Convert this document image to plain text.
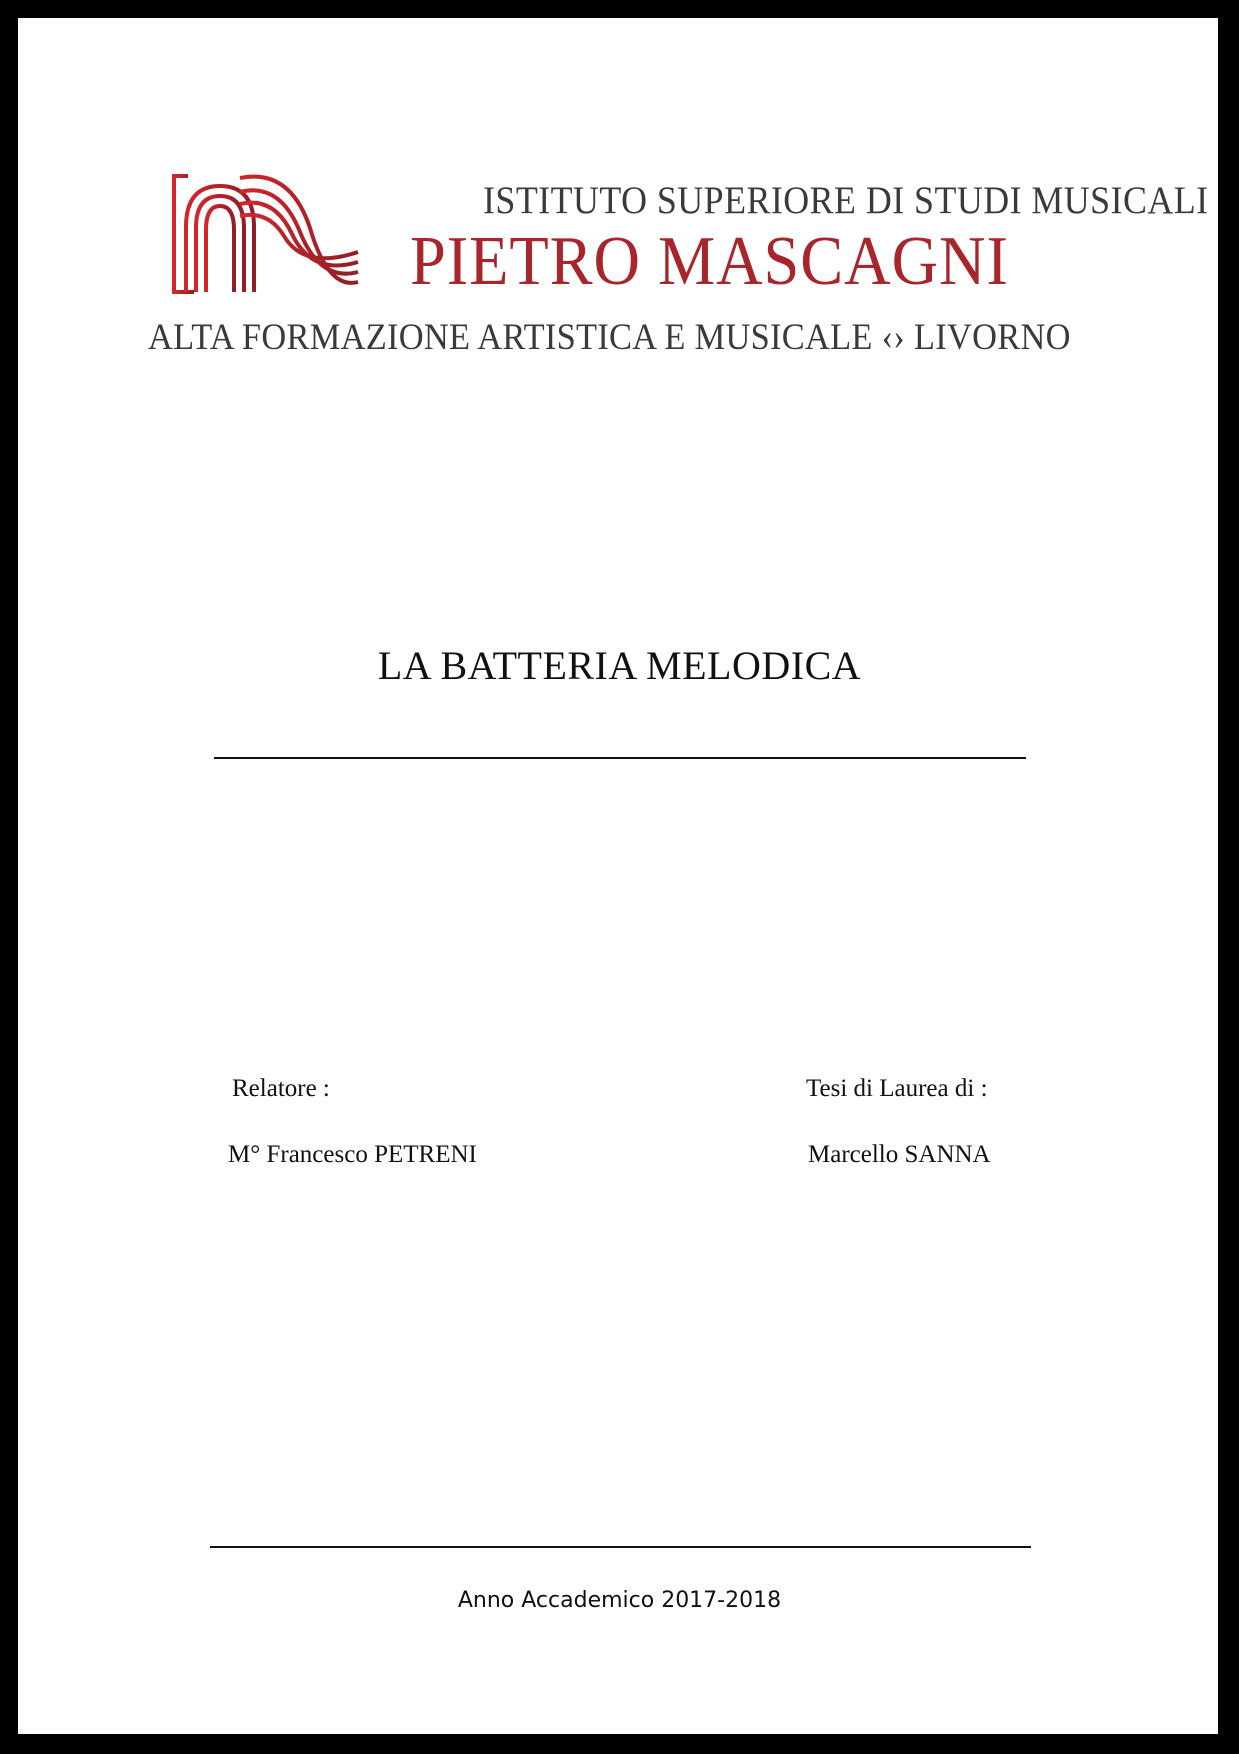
ISTITUTO SUPERIORE DI STUDI MUSICALI
PIETRO MASCAGNI
ALTA FORMAZIONE ARTISTICA E MUSICALE ‹› LIVORNO
LA BATTERIA MELODICA
Relatore :
M° Francesco PETRENI
Tesi di Laurea di :
Marcello SANNA
Anno Accademico 2017-2018
